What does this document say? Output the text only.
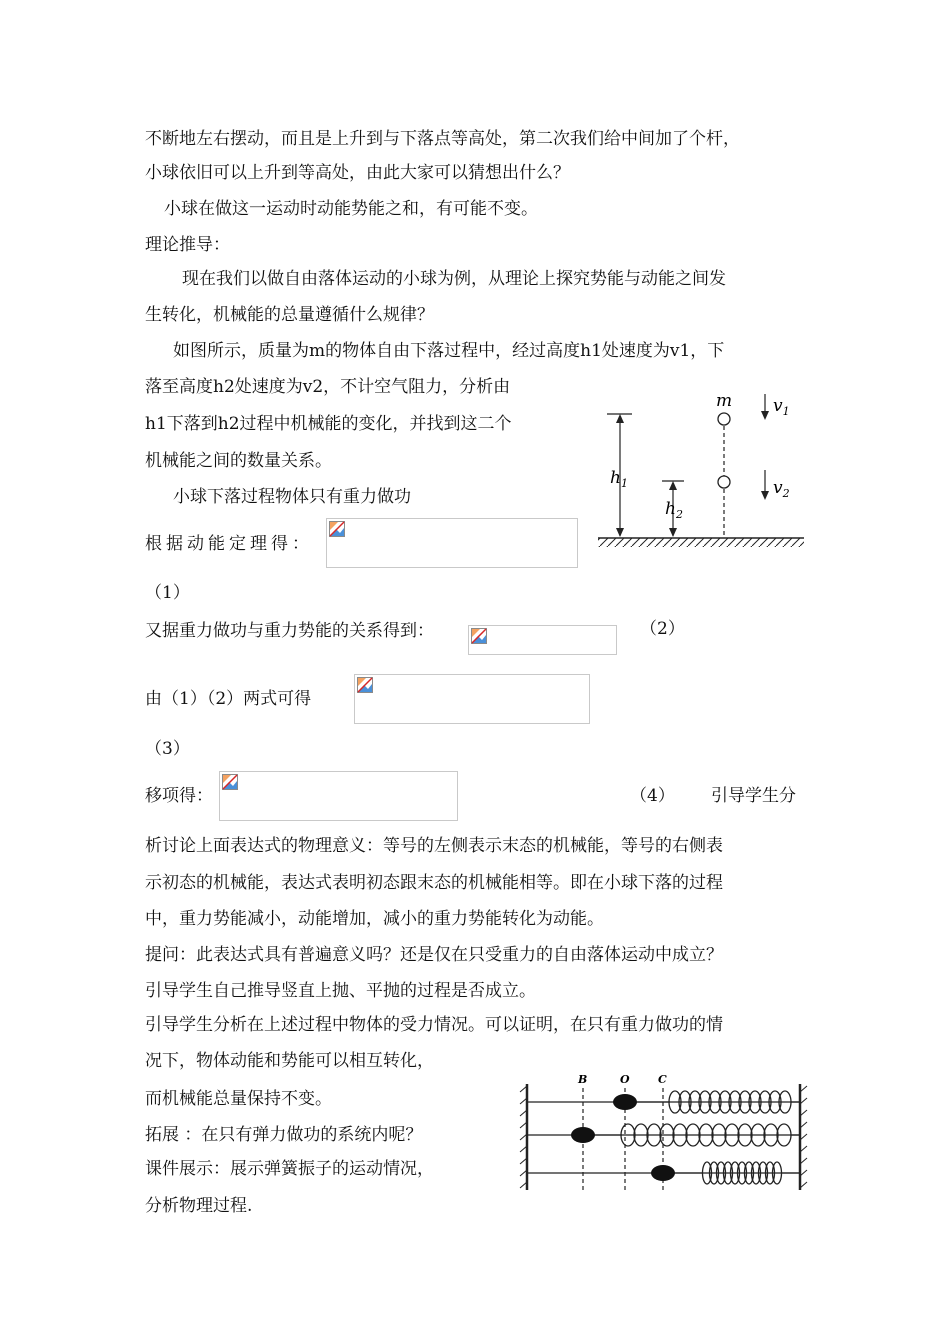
不断地左右摆动，而且是上升到与下落点等高处，第二次我们给中间加了个杆，
小球依旧可以上升到等高处，由此大家可以猜想出什么？
小球在做这一运动时动能势能之和，有可能不变。
理论推导：
现在我们以做自由落体运动的小球为例，从理论上探究势能与动能之间发
生转化，机械能的总量遵循什么规律？
如图所示，质量为m的物体自由下落过程中，经过高度h1处速度为v1，下
落至高度h2处速度为v2，不计空气阻力，分析由
h1下落到h2过程中机械能的变化，并找到这二个
机械能之间的数量关系。
小球下落过程物体只有重力做功
根据动能定理得：
（1）
又据重力做功与重力势能的关系得到：	（2）
由（1）（2）两式可得
（3）
移项得：	（4） 引导学生分
析讨论上面表达式的物理意义：等号的左侧表示末态的机械能，等号的右侧表
示初态的机械能，表达式表明初态跟末态的机械能相等。即在小球下落的过程
中，重力势能减小，动能增加，减小的重力势能转化为动能。
提问：此表达式具有普遍意义吗？还是仅在只受重力的自由落体运动中成立？
引导学生自己推导竖直上抛、平抛的过程是否成立。
引导学生分析在上述过程中物体的受力情况。可以证明，在只有重力做功的情
况下，物体动能和势能可以相互转化，
而机械能总量保持不变。
拓展 ：在只有弹力做功的系统内呢？
课件展示：展示弹簧振子的运动情况，
分析物理过程.
$h_1$
$h_2$
m $v_1$
$v_2$
B	O	C
